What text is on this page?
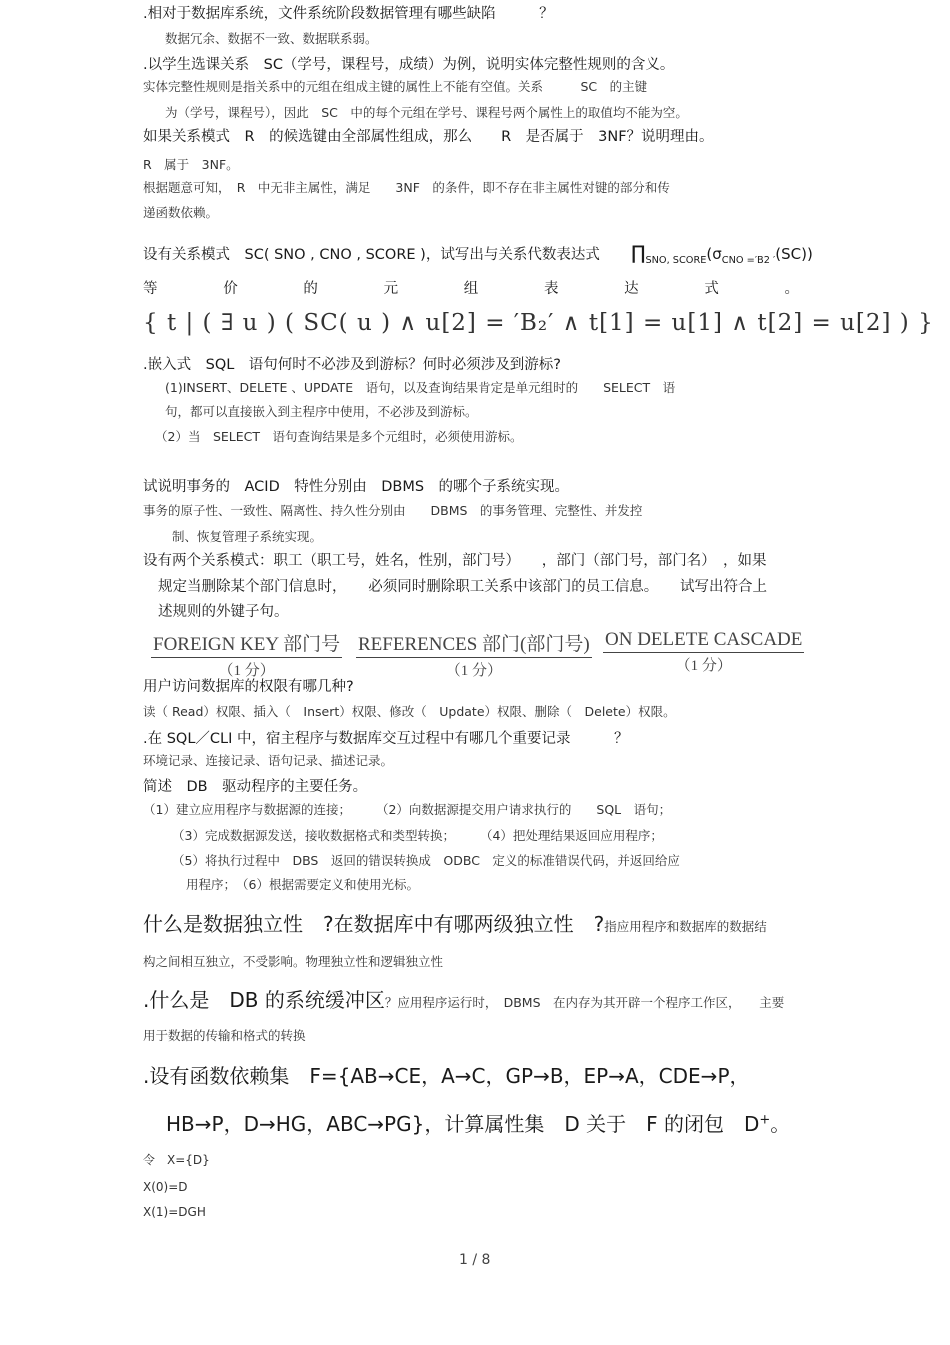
.相对于数据库系统，文件系统阶段数据管理有哪些缺陷　　　？
数据冗余、数据不一致、数据联系弱。
.以学生选课关系　SC（学号，课程号，成绩）为例，说明实体完整性规则的含义。
实体完整性规则是指关系中的元组在组成主键的属性上不能有空值。关系　　　SC　的主键
为（学号，课程号），因此　SC　中的每个元组在学号、课程号两个属性上的取值均不能为空。
如果关系模式　R　的候选键由全部属性组成，那么　　R　是否属于　3NF？说明理由。
R　属于　3NF。
根据题意可知，　R　中无非主属性，满足　　3NF　的条件，即不存在非主属性对键的部分和传
递函数依赖。
设有关系模式　SC( SNO , CNO , SCORE )，试写出与关系代数表达式 $\prod_{SNO, SCORE}(\sigma_{CNO ='B2 '}(SC))$
等	价	的	元	组	表	达	式	。
{ t | ( ∃ u ) ( SC( u ) ∧ u[2] = ′B₂′ ∧ t[1] = u[1] ∧ t[2] = u[2] ) }
.嵌入式　SQL　语句何时不必涉及到游标？何时必须涉及到游标?
(1)INSERT、DELETE 、UPDATE　语句，以及查询结果肯定是单元组时的　　SELECT　语
句，都可以直接嵌入到主程序中使用，不必涉及到游标。
（2）当　SELECT　语句查询结果是多个元组时，必须使用游标。
试说明事务的　ACID　特性分别由　DBMS　的哪个子系统实现。
事务的原子性、一致性、隔离性、持久性分别由　　DBMS　的事务管理、完整性、并发控
制、恢复管理子系统实现。
设有两个关系模式：职工（职工号，姓名，性别，部门号）　　，部门（部门号，部门名）　，如果
规定当删除某个部门信息时，　　必须同时删除职工关系中该部门的员工信息。　　试写出符合上
述规则的外键子句。
FOREIGN KEY 部门号
（1 分）
REFERENCES 部门(部门号)
（1 分）
ON DELETE CASCADE
（1 分）
用户访问数据库的权限有哪几种?
读（ Read）权限、插入（　Insert）权限、修改（　Update）权限、删除（　Delete）权限。
.在 SQL／CLI 中，宿主程序与数据库交互过程中有哪几个重要记录　　　？
环境记录、连接记录、语句记录、描述记录。
简述　DB　驱动程序的主要任务。
（1）建立应用程序与数据源的连接；　　　（2）向数据源提交用户请求执行的　　SQL　语句；
（3）完成数据源发送，接收数据格式和类型转换；　　　（4）把处理结果返回应用程序；
（5）将执行过程中　DBS　返回的错误转换成　ODBC　定义的标准错误代码，并返回给应
用程序；　（6）根据需要定义和使用光标。
什么是数据独立性　?在数据库中有哪两级独立性　?指应用程序和数据库的数据结
构之间相互独立，不受影响。物理独立性和逻辑独立性
.什么是　DB 的系统缓冲区？应用程序运行时，　DBMS　在内存为其开辟一个程序工作区，　　主要
用于数据的传输和格式的转换
.设有函数依赖集　F={AB→CE，A→C，GP→B，EP→A，CDE→P，
HB→P，D→HG，ABC→PG}，计算属性集　D 关于　F 的闭包　D+。
令　X={D}
X(0)=D
X(1)=DGH
1 / 8
